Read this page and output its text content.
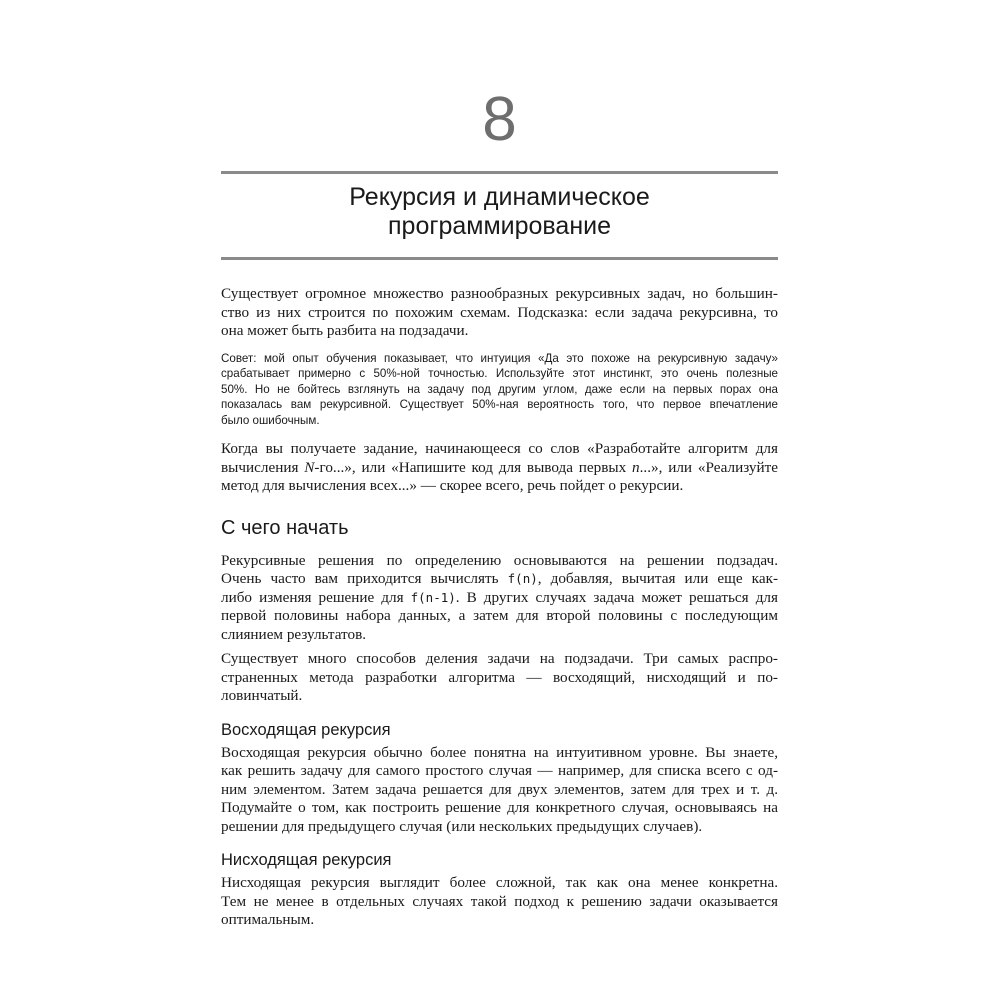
8
Рекурсия и динамическое
программирование

Существует огромное множество разнообразных рекурсивных задач, но большин-
ство из них строится по похожим схемам. Подсказка: если задача рекурсивна, то
она может быть разбита на подзадачи.

Совет: мой опыт обучения показывает, что интуиция «Да это похоже на рекурсивную задачу»
срабатывает примерно с 50%-ной точностью. Используйте этот инстинкт, это очень полезные
50%. Но не бойтесь взглянуть на задачу под другим углом, даже если на первых порах она
показалась вам рекурсивной. Существует 50%-ная вероятность того, что первое впечатление
было ошибочным.

Когда вы получаете задание, начинающееся со слов «Разработайте алгоритм для
вычисления N-го...», или «Напишите код для вывода первых n...», или «Реализуйте
метод для вычисления всех...» — скорее всего, речь пойдет о рекурсии.

С чего начать

Рекурсивные решения по определению основываются на решении подзадач.
Очень часто вам приходится вычислять f(n), добавляя, вычитая или еще как-
либо изменяя решение для f(n-1). В других случаях задача может решаться для
первой половины набора данных, а затем для второй половины с последующим
слиянием результатов.

Существует много способов деления задачи на подзадачи. Три самых распро-
страненных метода разработки алгоритма — восходящий, нисходящий и по-
ловинчатый.

Восходящая рекурсия

Восходящая рекурсия обычно более понятна на интуитивном уровне. Вы знаете,
как решить задачу для самого простого случая — например, для списка всего с од-
ним элементом. Затем задача решается для двух элементов, затем для трех и т. д.
Подумайте о том, как построить решение для конкретного случая, основываясь на
решении для предыдущего случая (или нескольких предыдущих случаев).

Нисходящая рекурсия

Нисходящая рекурсия выглядит более сложной, так как она менее конкретна.
Тем не менее в отдельных случаях такой подход к решению задачи оказывается
оптимальным.
